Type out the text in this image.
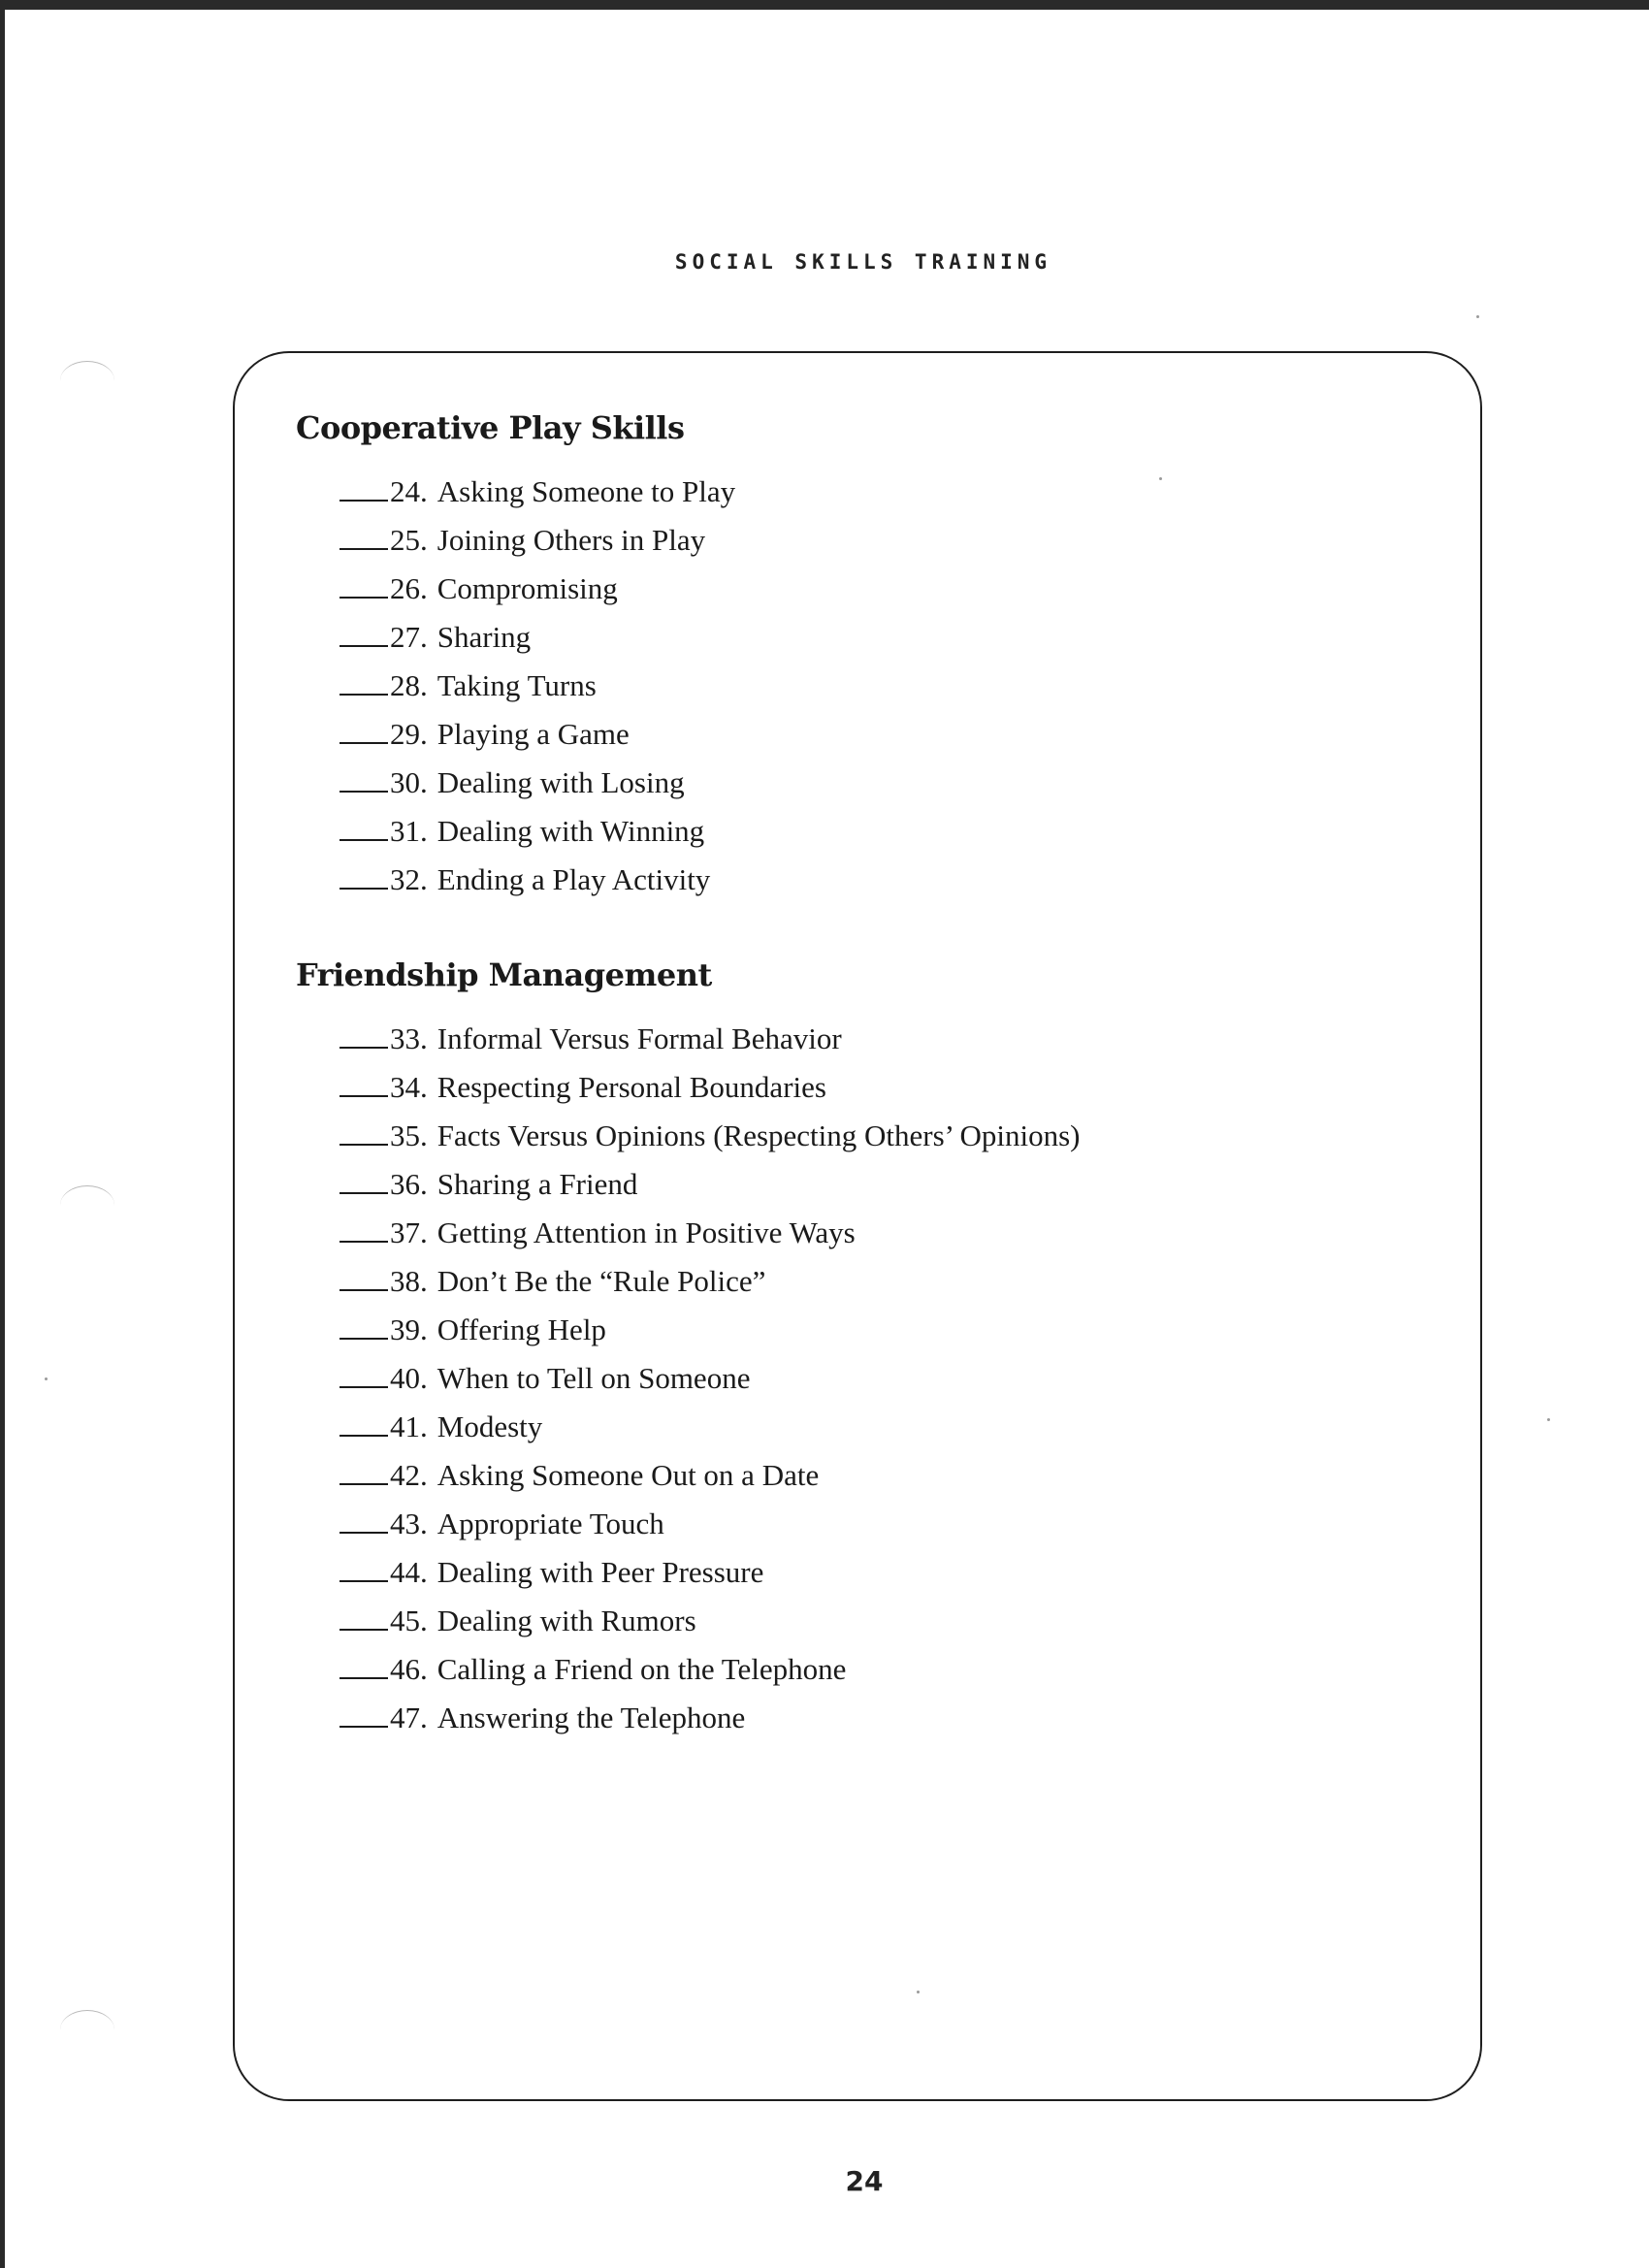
SOCIAL SKILLS TRAINING
Cooperative Play Skills
24. Asking Someone to Play
25. Joining Others in Play
26. Compromising
27. Sharing
28. Taking Turns
29. Playing a Game
30. Dealing with Losing
31. Dealing with Winning
32. Ending a Play Activity
Friendship Management
33. Informal Versus Formal Behavior
34. Respecting Personal Boundaries
35. Facts Versus Opinions (Respecting Others’ Opinions)
36. Sharing a Friend
37. Getting Attention in Positive Ways
38. Don’t Be the “Rule Police”
39. Offering Help
40. When to Tell on Someone
41. Modesty
42. Asking Someone Out on a Date
43. Appropriate Touch
44. Dealing with Peer Pressure
45. Dealing with Rumors
46. Calling a Friend on the Telephone
47. Answering the Telephone
24
